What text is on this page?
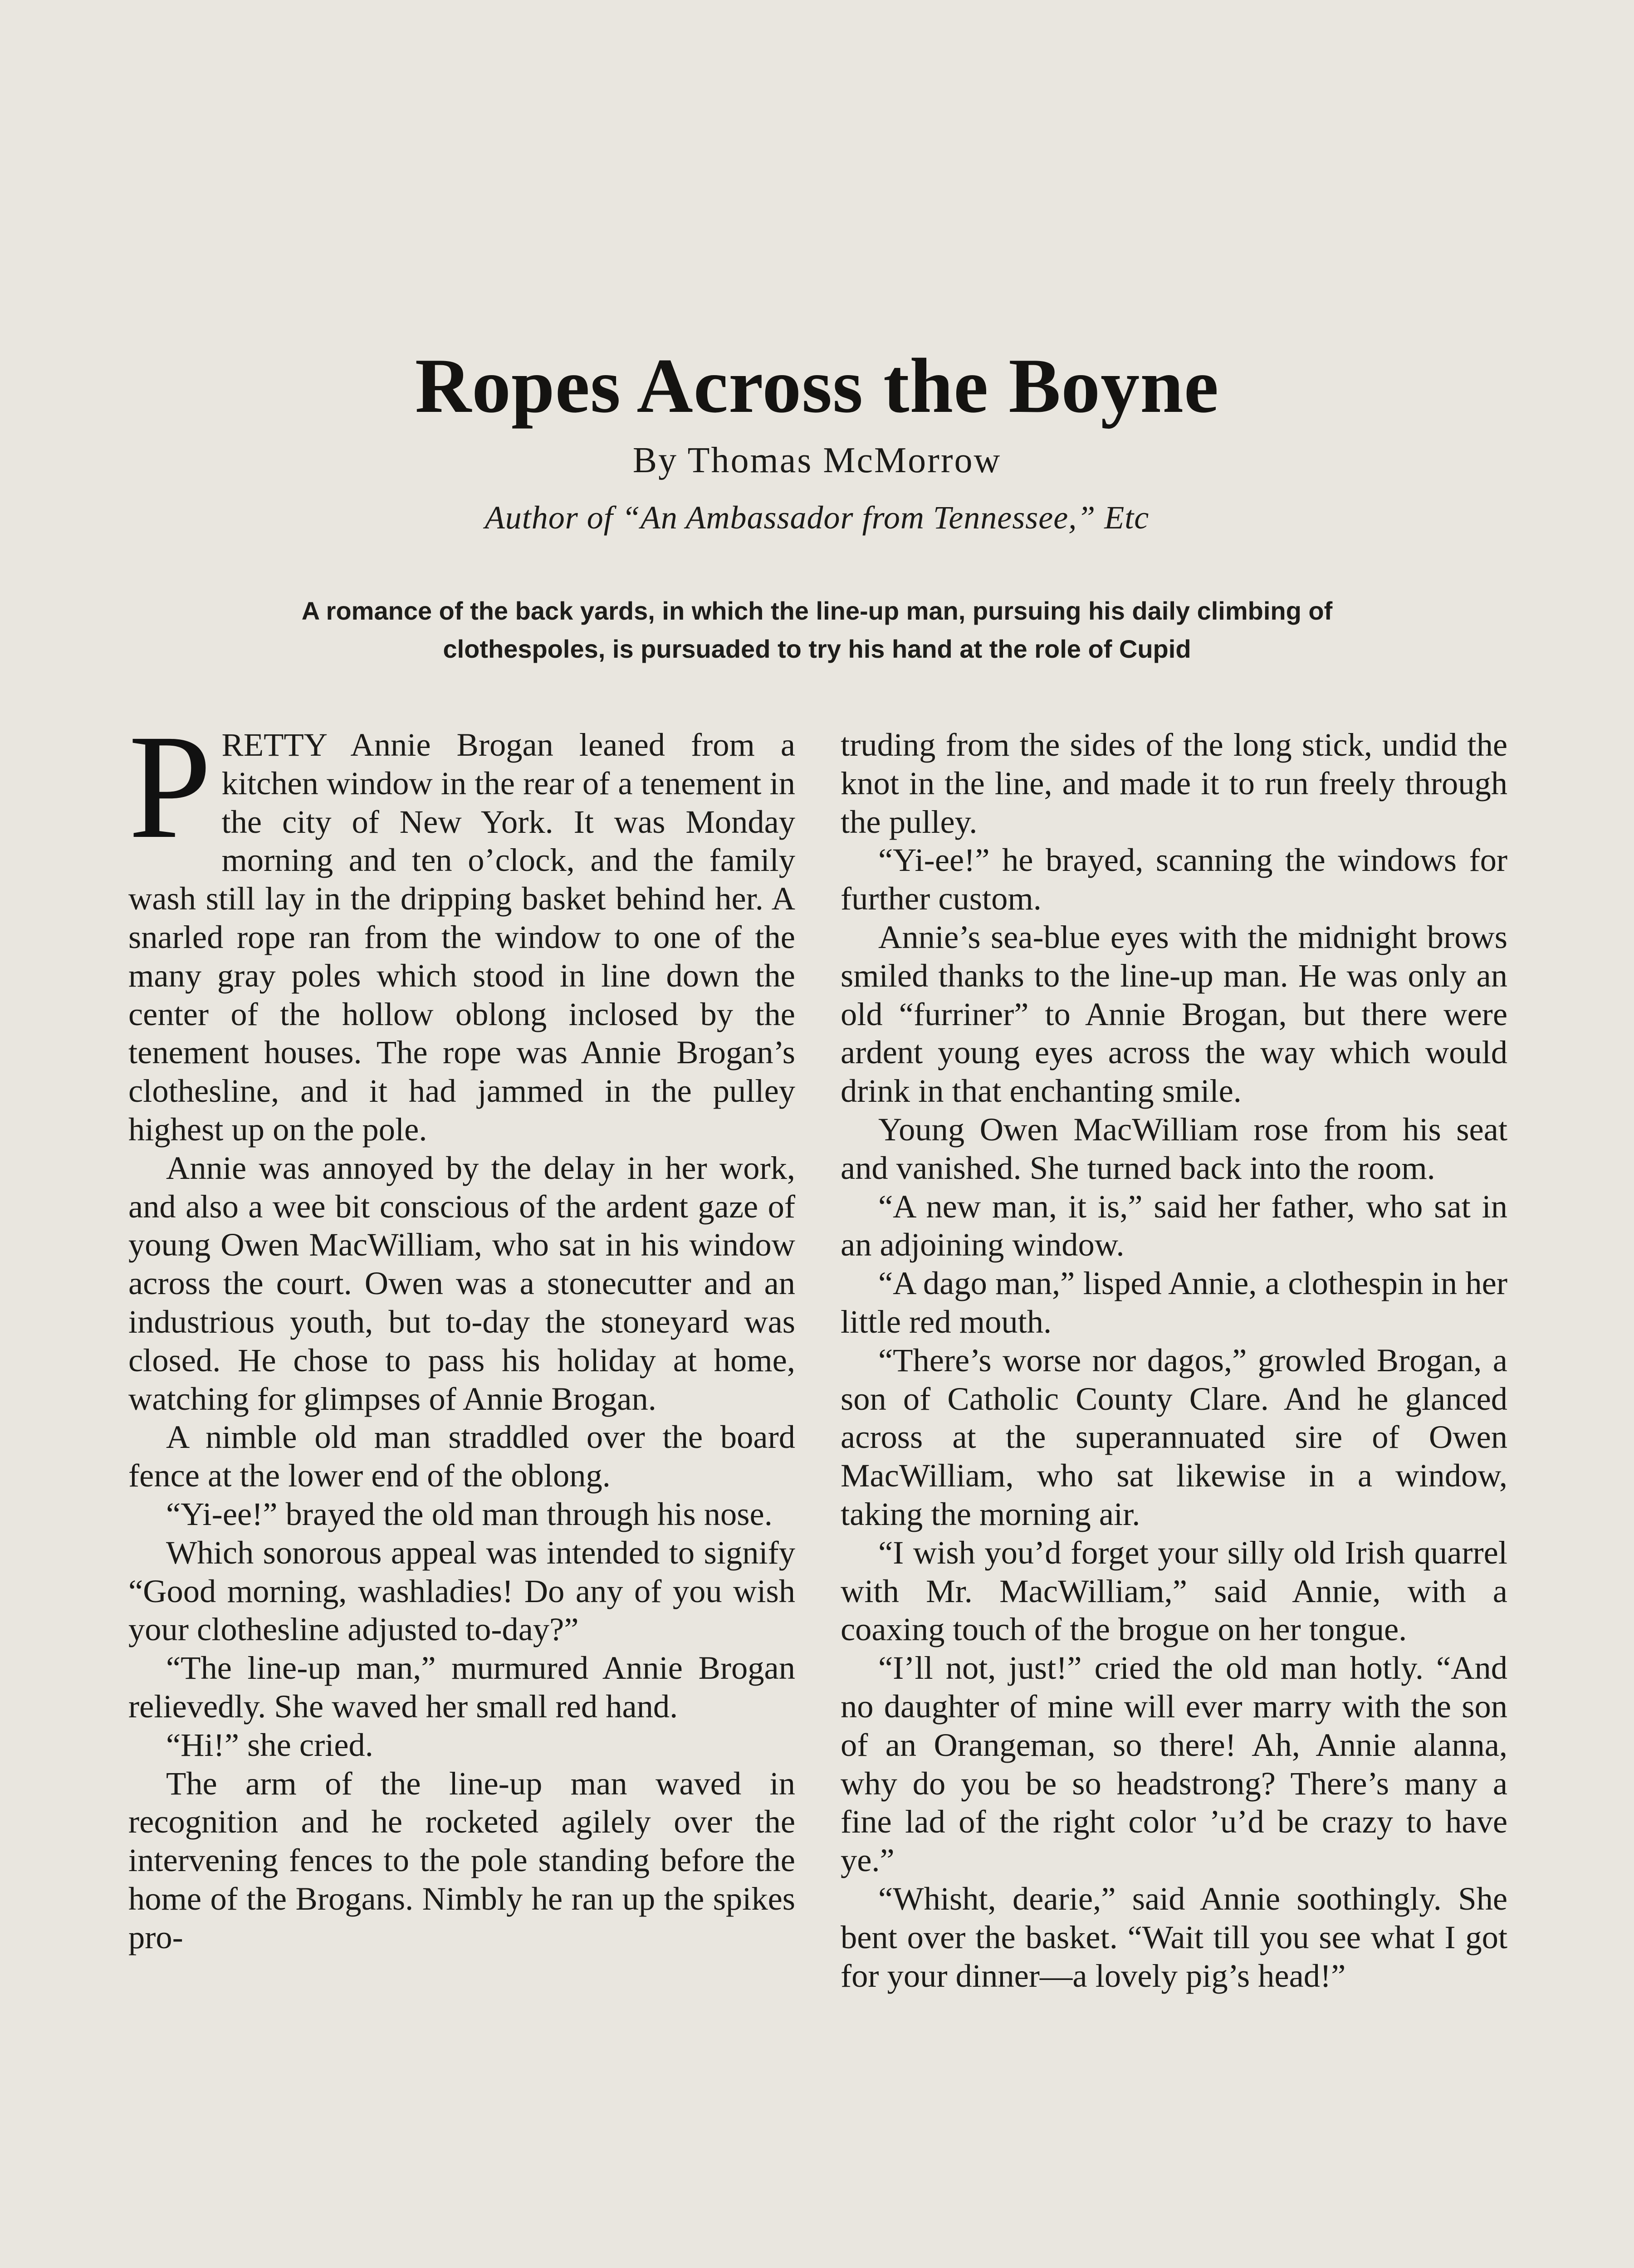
Ropes Across the Boyne
By Thomas McMorrow
Author of “An Ambassador from Tennessee,” Etc
A romance of the back yards, in which the line-up man, pursuing his daily climbing of clothespoles, is pursuaded to try his hand at the role of Cupid

PRETTY Annie Brogan leaned from a kitchen window in the rear of a tenement in the city of New York. It was Monday morning and ten o’clock, and the family wash still lay in the dripping basket behind her. A snarled rope ran from the window to one of the many gray poles which stood in line down the center of the hollow oblong inclosed by the tenement houses. The rope was Annie Brogan’s clothesline, and it had jammed in the pulley highest up on the pole.

Annie was annoyed by the delay in her work, and also a wee bit conscious of the ardent gaze of young Owen MacWilliam, who sat in his window across the court. Owen was a stonecutter and an industrious youth, but to-day the stoneyard was closed. He chose to pass his holiday at home, watching for glimpses of Annie Brogan.

A nimble old man straddled over the board fence at the lower end of the oblong.

“Yi-ee!” brayed the old man through his nose.

Which sonorous appeal was intended to signify “Good morning, washladies! Do any of you wish your clothesline adjusted to-day?”

“The line-up man,” murmured Annie Brogan relievedly. She waved her small red hand.

“Hi!” she cried.

The arm of the line-up man waved in recognition and he rocketed agilely over the intervening fences to the pole standing before the home of the Brogans. Nimbly he ran up the spikes pro-

truding from the sides of the long stick, undid the knot in the line, and made it to run freely through the pulley.

“Yi-ee!” he brayed, scanning the windows for further custom.

Annie’s sea-blue eyes with the midnight brows smiled thanks to the line-up man. He was only an old “furriner” to Annie Brogan, but there were ardent young eyes across the way which would drink in that enchanting smile.

Young Owen MacWilliam rose from his seat and vanished. She turned back into the room.

“A new man, it is,” said her father, who sat in an adjoining window.

“A dago man,” lisped Annie, a clothespin in her little red mouth.

“There’s worse nor dagos,” growled Brogan, a son of Catholic County Clare. And he glanced across at the superannuated sire of Owen MacWilliam, who sat likewise in a window, taking the morning air.

“I wish you’d forget your silly old Irish quarrel with Mr. MacWilliam,” said Annie, with a coaxing touch of the brogue on her tongue.

“I’ll not, just!” cried the old man hotly. “And no daughter of mine will ever marry with the son of an Orangeman, so there! Ah, Annie alanna, why do you be so headstrong? There’s many a fine lad of the right color ’u’d be crazy to have ye.”

“Whisht, dearie,” said Annie soothingly. She bent over the basket. “Wait till you see what I got for your dinner—a lovely pig’s head!”
